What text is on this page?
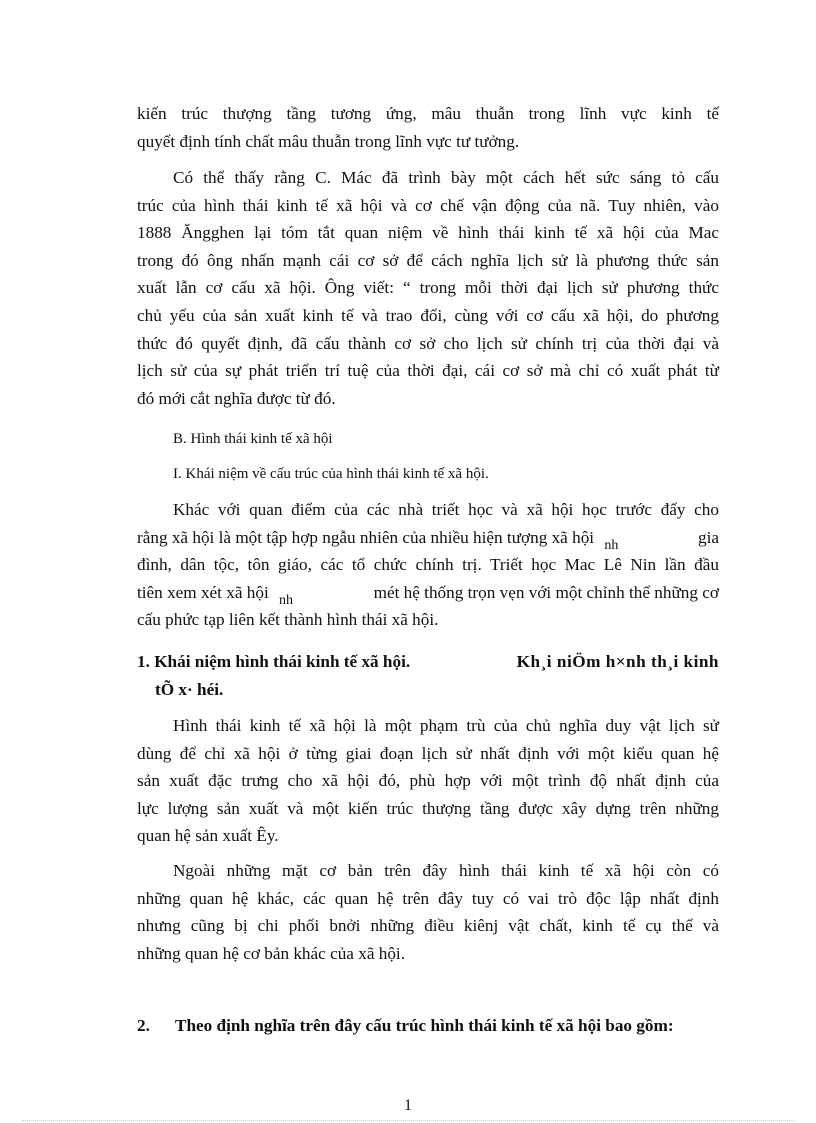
kiến trúc thượng tầng tương ứng, mâu thuẫn trong lĩnh vực kinh tế
quyết định tính chất mâu thuẫn trong lĩnh vực tư tưởng.
Có thể thấy rằng C. Mác đã trình bày một cách hết sức sáng tỏ cấu
trúc của hình thái kinh tế xã hội và cơ chế vận động của nã. Tuy nhiên, vào
1888 Ăngghen lại tóm tắt quan niệm về hình thái kinh tế xã hội của Mac
trong đó ông nhấn mạnh cái cơ sở để cách nghĩa lịch sử là phương thức sản
xuất lẫn cơ cấu xã hội. Ông viết: “ trong mỗi thời đại lịch sử phương thức
chủ yếu của sản xuất kinh tế và trao đổi, cùng với cơ cấu xã hội, do phương
thức đó quyết định, đã cấu thành cơ sở cho lịch sử chính trị của thời đại và
lịch sử của sự phát triển trí tuệ của thời đại, cái cơ sở mà chỉ có xuất phát từ
đó mới cắt nghĩa được từ đó.
B. Hình thái kinh tế xã hội
I. Khái niệm về cấu trúc của hình thái kinh tế xã hội.
Khác với quan điểm của các nhà triết học và xã hội học trước đấy cho
rằng xã hội là một tập hợp ngẫu nhiên của nhiều hiện tượng xã hội $_{nh}$	gia
đình, dân tộc, tôn giáo, các tổ chức chính trị. Triết học Mac Lê Nin lần đầu
tiên xem xét xã hội $_{nh}$	mét hệ thống trọn vẹn với một chỉnh thể những cơ
cấu phức tạp liên kết thành hình thái xã hội.
1. Khái niệm hình thái kinh tế xã hội.	Kh¸i niÖm h×nh th¸i kinh
tÕ x· héi.
Hình thái kinh tế xã hội là một phạm trù của chủ nghĩa duy vật lịch sử
dùng để chỉ xã hội ở từng giai đoạn lịch sử nhất định với một kiểu quan hệ
sản xuất đặc trưng cho xã hội đó, phù hợp với một trình độ nhất định của
lực lượng sản xuất và một kiến trúc thượng tầng được xây dựng trên những
quan hệ sản xuất Êy.
Ngoài những mặt cơ bản trên đây hình thái kinh tế xã hội còn có
những quan hệ khác, các quan hệ trên đây tuy có vai trò độc lập nhất định
nhưng cũng bị chi phối bnởi những điều kiênj vật chất, kinh tế cụ thể và
những quan hệ cơ bản khác của xã hội.
2. Theo định nghĩa trên đây cấu trúc hình thái kinh tế xã hội bao gồm:
1
